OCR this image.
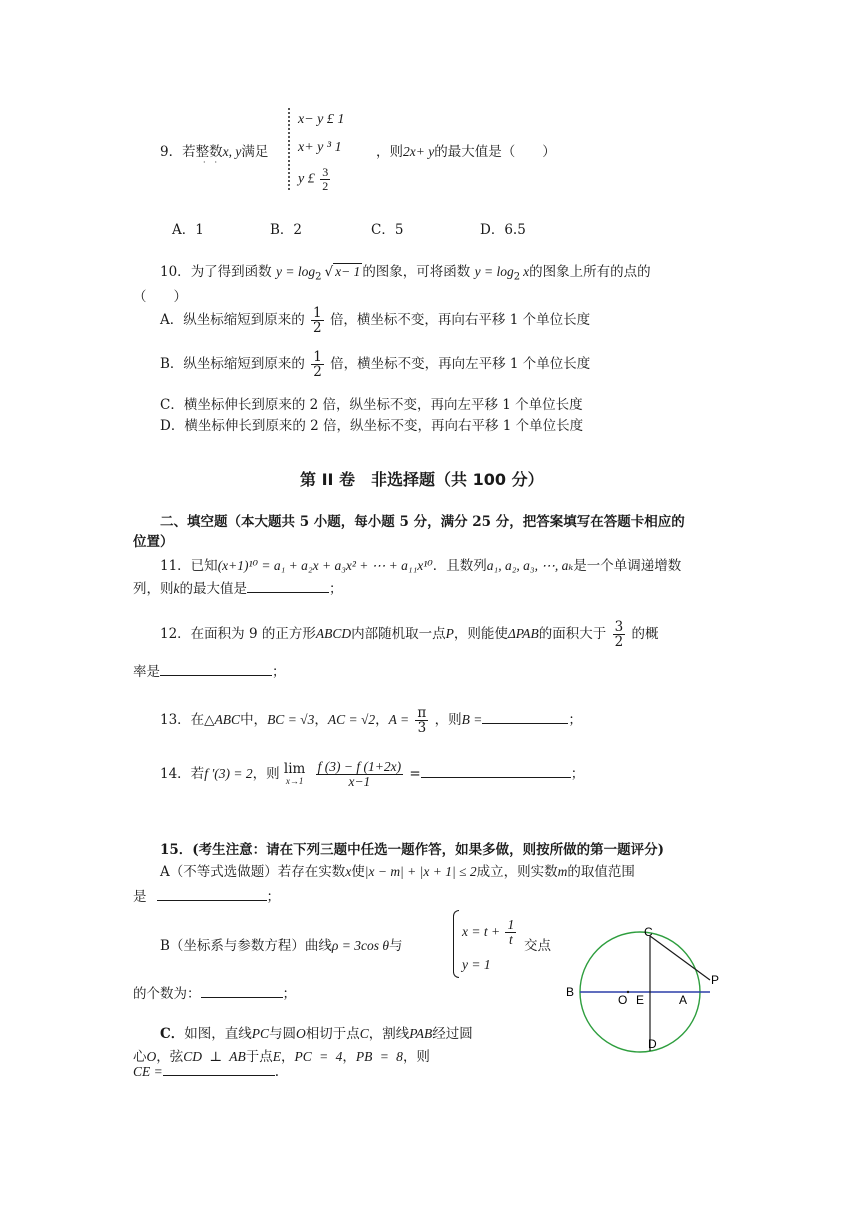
9．若整数x, y满足
··
x− y £ 1
x+ y ³ 1
y £ $\frac{3}{2}$
，则2x+ y的最大值是（　　）
A．1	B．2	C．5	D．6.5
10．为了得到函数 $y = \log_2$ √ x− 1 的图象，可将函数 $y = \log_2 x$的图象上所有的点的
（　　）
A．纵坐标缩短到原来的 $\frac{1}{2}$ 倍，横坐标不变，再向右平移 1 个单位长度
B．纵坐标缩短到原来的 $\frac{1}{2}$ 倍，横坐标不变，再向左平移 1 个单位长度
C．横坐标伸长到原来的 2 倍，纵坐标不变，再向左平移 1 个单位长度
D．横坐标伸长到原来的 2 倍，纵坐标不变，再向右平移 1 个单位长度
第 II 卷　非选择题（共 100 分）
二、填空题（本大题共 5 小题，每小题 5 分，满分 25 分，把答案填写在答题卡相应的
位置）
11．已知(x+1)¹⁰ = a₁ + a₂x + a₃x² + ⋯ + a₁₁x¹⁰．且数列a₁, a₂, a₃, ⋯, aₖ是一个单调递增数
列，则k的最大值是	；
12．在面积为 9 的正方形ABCD内部随机取一点P，则能使ΔPAB的面积大于 $\frac{3}{2}$ 的概
率是	；
13．在△ABC中，BC = √3，AC = √2，$A = \frac{\pi}{3}$ ，则B =	；
14．若f ′(3) = 2，则 lim
x→1
$\frac{f (3) - f (1+2x)}{x-1}$ =	；
15．(考生注意：请在下列三题中任选一题作答，如果多做，则按所做的第一题评分)
A（不等式选做题）若存在实数x使|x − m| + |x + 1| ≤ 2成立，则实数m的取值范围
是	；
B（坐标系与参数方程）曲线ρ = 3cos θ与
$x = t + \frac{1}{t}$
y = 1
交点
的个数为：	；
C．如图，直线PC与圆O相切于点C，割线PAB经过圆
心O，弦CD ⊥ AB于点E，PC = 4，PB = 8，则
CE =	.
C
B
O E	A
P
D
